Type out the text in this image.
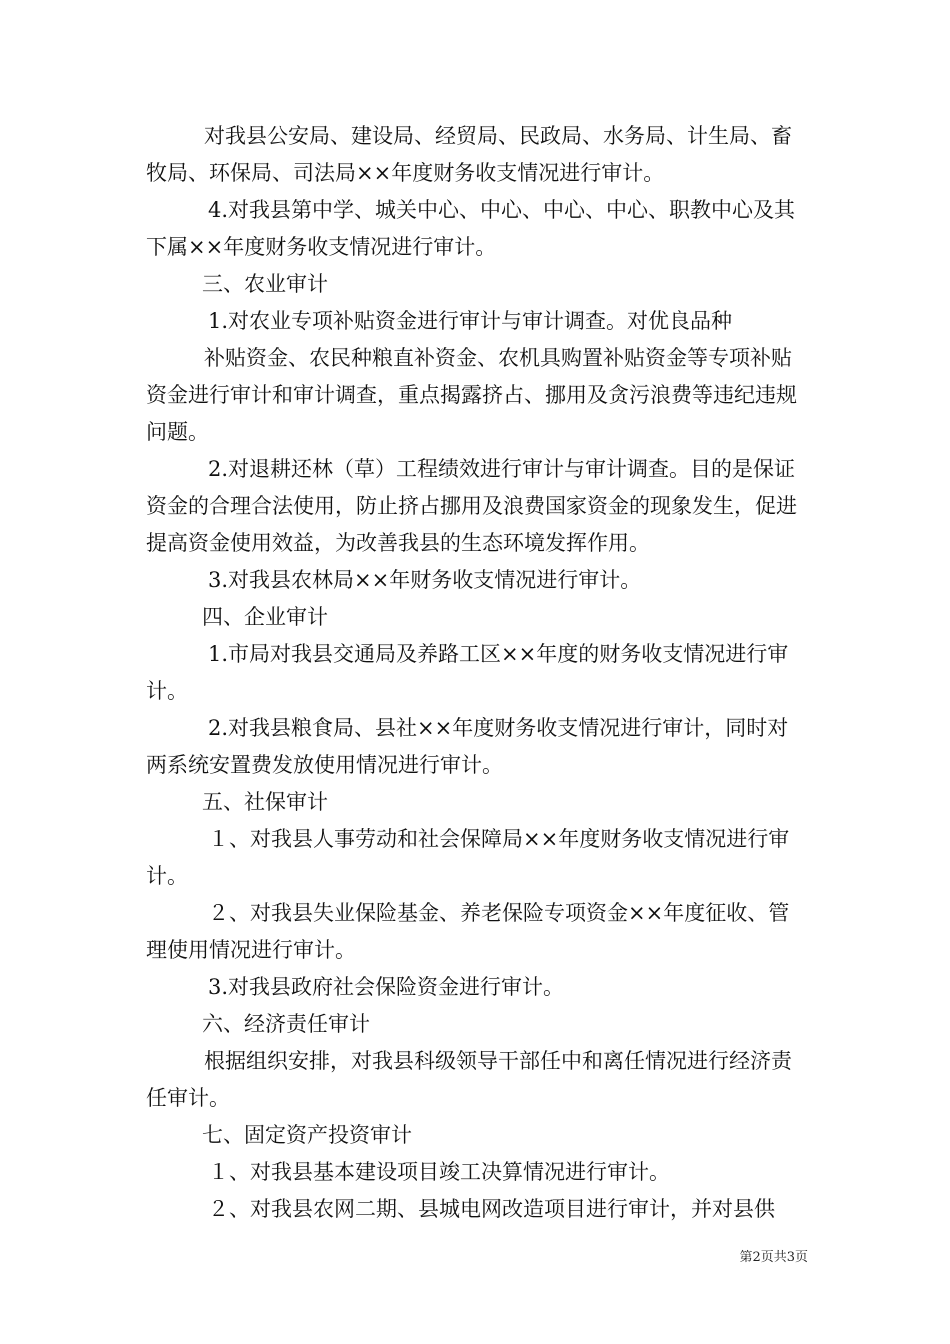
对我县公安局、建设局、经贸局、民政局、水务局、计生局、畜牧局、环保局、司法局××年度财务收支情况进行审计。

4.对我县第中学、城关中心、中心、中心、中心、职教中心及其下属××年度财务收支情况进行审计。

三、农业审计

1.对农业专项补贴资金进行审计与审计调查。对优良品种

补贴资金、农民种粮直补资金、农机具购置补贴资金等专项补贴资金进行审计和审计调查，重点揭露挤占、挪用及贪污浪费等违纪违规问题。

2.对退耕还林（草）工程绩效进行审计与审计调查。目的是保证资金的合理合法使用，防止挤占挪用及浪费国家资金的现象发生，促进提高资金使用效益，为改善我县的生态环境发挥作用。

3.对我县农林局××年财务收支情况进行审计。

四、企业审计

1.市局对我县交通局及养路工区××年度的财务收支情况进行审计。

2.对我县粮食局、县社××年度财务收支情况进行审计，同时对两系统安置费发放使用情况进行审计。

五、社保审计

１、对我县人事劳动和社会保障局××年度财务收支情况进行审计。

２、对我县失业保险基金、养老保险专项资金××年度征收、管理使用情况进行审计。

3.对我县政府社会保险资金进行审计。

六、经济责任审计

根据组织安排，对我县科级领导干部任中和离任情况进行经济责任审计。

七、固定资产投资审计

１、对我县基本建设项目竣工决算情况进行审计。

２、对我县农网二期、县城电网改造项目进行审计，并对县供

第2页共3页
